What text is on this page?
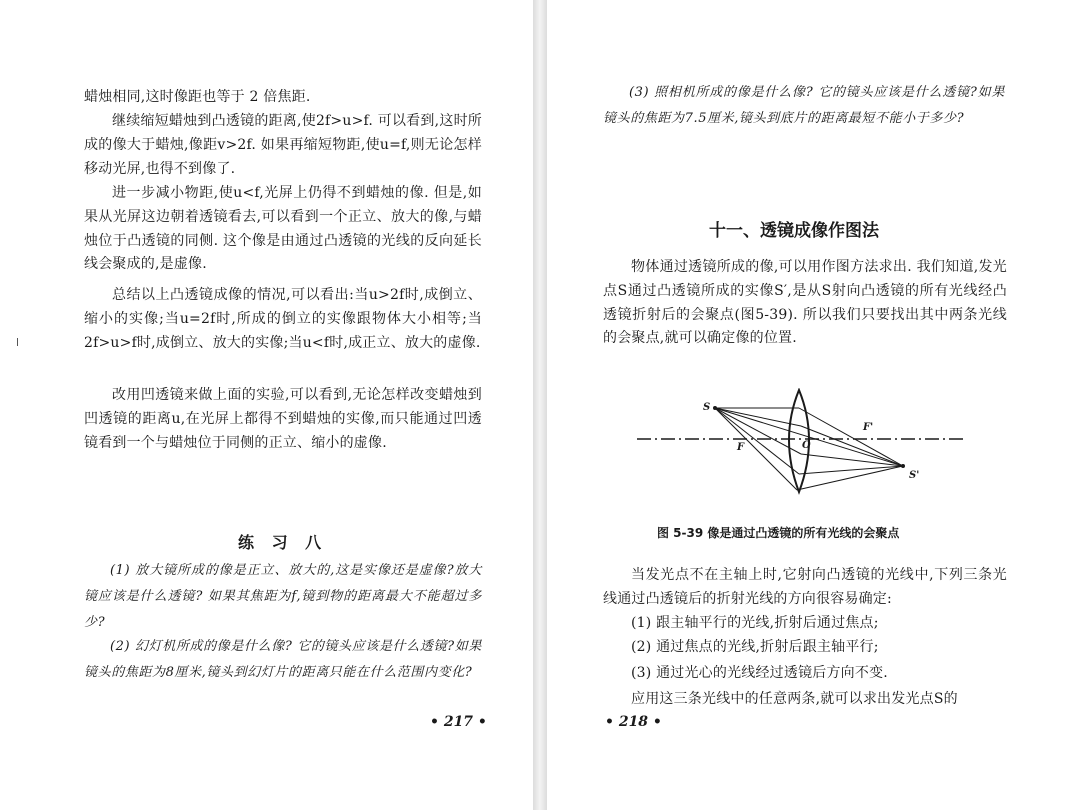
蜡烛相同,这时像距也等于 2 倍焦距.

继续缩短蜡烛到凸透镜的距离,使2f>u>f. 可以看到,这时所成的像大于蜡烛,像距v>2f. 如果再缩短物距,使u=f,则无论怎样移动光屏,也得不到像了.

进一步减小物距,使u<f,光屏上仍得不到蜡烛的像. 但是,如果从光屏这边朝着透镜看去,可以看到一个正立、放大的像,与蜡烛位于凸透镜的同侧. 这个像是由通过凸透镜的光线的反向延长线会聚成的,是虚像.

总结以上凸透镜成像的情况,可以看出:当u>2f时,成倒立、缩小的实像;当u=2f时,所成的倒立的实像跟物体大小相等;当2f>u>f时,成倒立、放大的实像;当u<f时,成正立、放大的虚像.

改用凹透镜来做上面的实验,可以看到,无论怎样改变蜡烛到凹透镜的距离u,在光屏上都得不到蜡烛的实像,而只能通过凹透镜看到一个与蜡烛位于同侧的正立、缩小的虚像.

练 习 八

(1) 放大镜所成的像是正立、放大的,这是实像还是虚像?放大镜应该是什么透镜? 如果其焦距为f,镜到物的距离最大不能超过多少?

(2) 幻灯机所成的像是什么像? 它的镜头应该是什么透镜?如果镜头的焦距为8厘米,镜头到幻灯片的距离只能在什么范围内变化?

• 217 •

(3) 照相机所成的像是什么像? 它的镜头应该是什么透镜?如果镜头的焦距为7.5厘米,镜头到底片的距离最短不能小于多少?

十一、透镜成像作图法

物体通过透镜所成的像,可以用作图方法求出. 我们知道,发光点S通过凸透镜所成的实像S′,是从S射向凸透镜的所有光线经凸透镜折射后的会聚点(图5-39). 所以我们只要找出其中两条光线的会聚点,就可以确定像的位置.

S
F	O
F'
S'

图 5-39 像是通过凸透镜的所有光线的会聚点

当发光点不在主轴上时,它射向凸透镜的光线中,下列三条光线通过凸透镜后的折射光线的方向很容易确定:

(1) 跟主轴平行的光线,折射后通过焦点;

(2) 通过焦点的光线,折射后跟主轴平行;

(3) 通过光心的光线经过透镜后方向不变.

应用这三条光线中的任意两条,就可以求出发光点S的

• 218 •
